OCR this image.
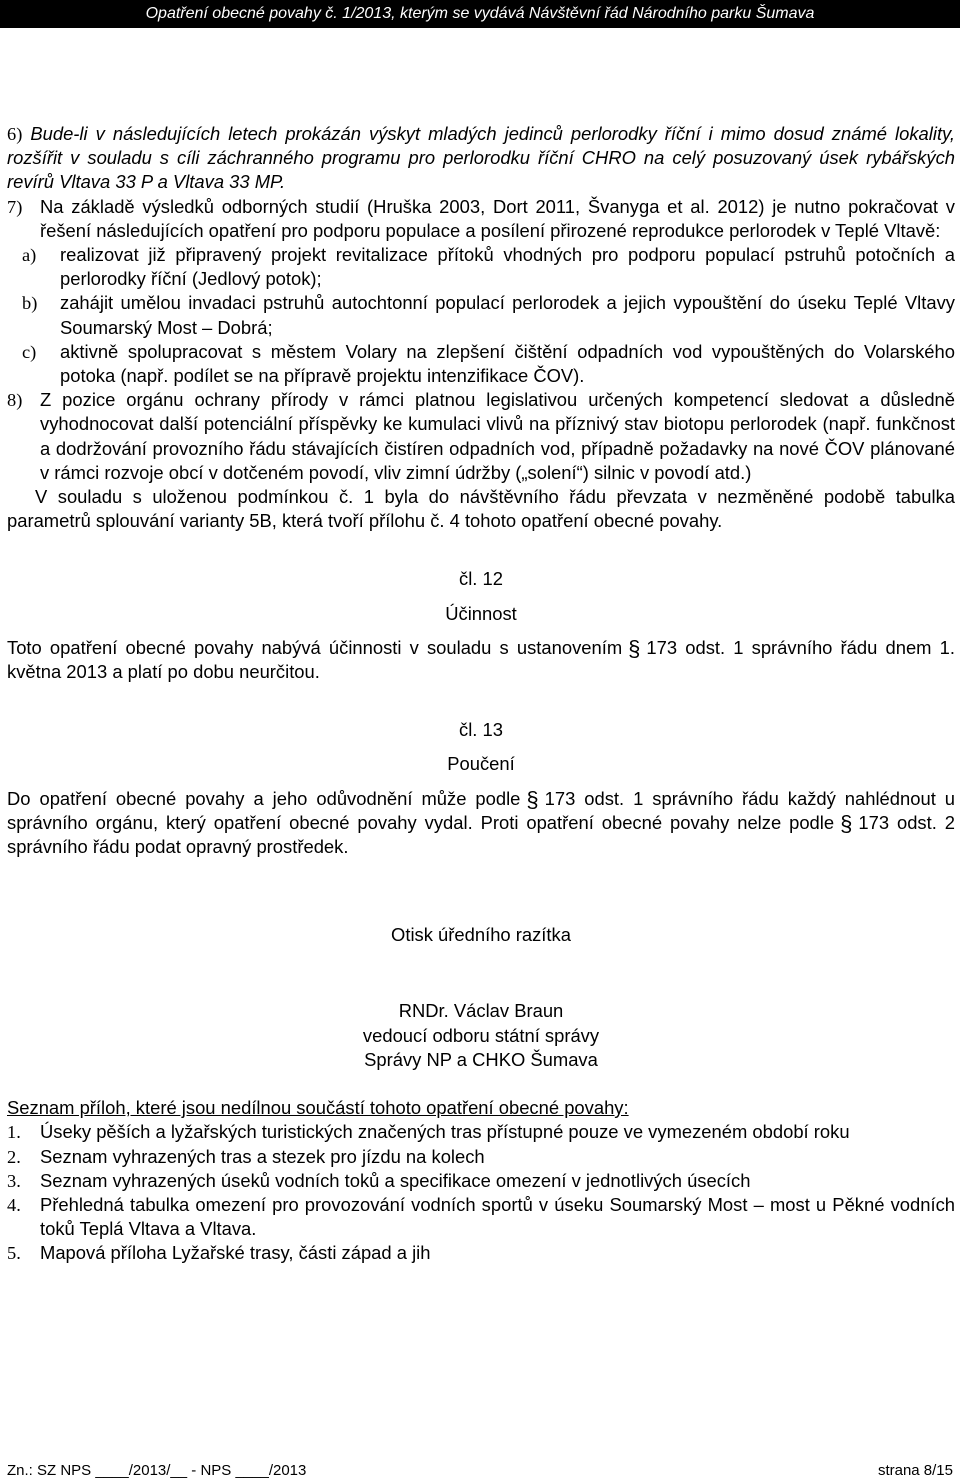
Opatření obecné povahy č. 1/2013, kterým se vydává Návštěvní řád Národního parku Šumava
6) Bude-li v následujících letech prokázán výskyt mladých jedinců perlorodky říční i mimo dosud známé lokality, rozšířit v souladu s cíli záchranného programu pro perlorodku říční CHRO na celý posuzovaný úsek rybářských revírů Vltava 33 P a Vltava 33 MP.
7) Na základě výsledků odborných studií (Hruška 2003, Dort 2011, Švanyga et al. 2012) je nutno pokračovat v řešení následujících opatření pro podporu populace a posílení přirozené reprodukce perlorodek v Teplé Vltavě:
a)	realizovat již připravený projekt revitalizace přítoků vhodných pro podporu populací pstruhů potočních a perlorodky říční (Jedlový potok);
b)	zahájit umělou invadaci pstruhů autochtonní populací perlorodek a jejich vypouštění do úseku Teplé Vltavy Soumarský Most – Dobrá;
c)	aktivně spolupracovat s městem Volary na zlepšení čištění odpadních vod vypouštěných do Volarského potoka (např. podílet se na přípravě projektu intenzifikace ČOV).
8) Z pozice orgánu ochrany přírody v rámci platnou legislativou určených kompetencí sledovat a důsledně vyhodnocovat další potenciální příspěvky ke kumulaci vlivů na příznivý stav biotopu perlorodek (např. funkčnost a dodržování provozního řádu stávajících čistíren odpadních vod, případně požadavky na nové ČOV plánované v rámci rozvoje obcí v dotčeném povodí, vliv zimní údržby („solení“) silnic v povodí atd.)
V souladu s uloženou podmínkou č. 1 byla do návštěvního řádu převzata v nezměněné podobě tabulka parametrů splouvání varianty 5B, která tvoří přílohu č. 4 tohoto opatření obecné povahy.
čl. 12
Účinnost
Toto opatření obecné povahy nabývá účinnosti v souladu s ustanovením § 173 odst. 1 správního řádu dnem 1. května 2013 a platí po dobu neurčitou.
čl. 13
Poučení
Do opatření obecné povahy a jeho odůvodnění může podle § 173 odst. 1 správního řádu každý nahlédnout u správního orgánu, který opatření obecné povahy vydal. Proti opatření obecné povahy nelze podle § 173 odst. 2 správního řádu podat opravný prostředek.
Otisk úředního razítka
RNDr. Václav Braun
vedoucí odboru státní správy
Správy NP a CHKO Šumava
Seznam příloh, které jsou nedílnou součástí tohoto opatření obecné povahy:
1.	Úseky pěších a lyžařských turistických značených tras přístupné pouze ve vymezeném období roku
2.	Seznam vyhrazených tras a stezek pro jízdu na kolech
3.	Seznam vyhrazených úseků vodních toků a specifikace omezení v jednotlivých úsecích
4.	Přehledná tabulka omezení pro provozování vodních sportů v úseku Soumarský Most – most u Pěkné vodních toků Teplá Vltava a Vltava.
5.	Mapová příloha Lyžařské trasy, části západ a jih
Zn.: SZ NPS ____/2013/__ - NPS ____/2013	strana 8/15
